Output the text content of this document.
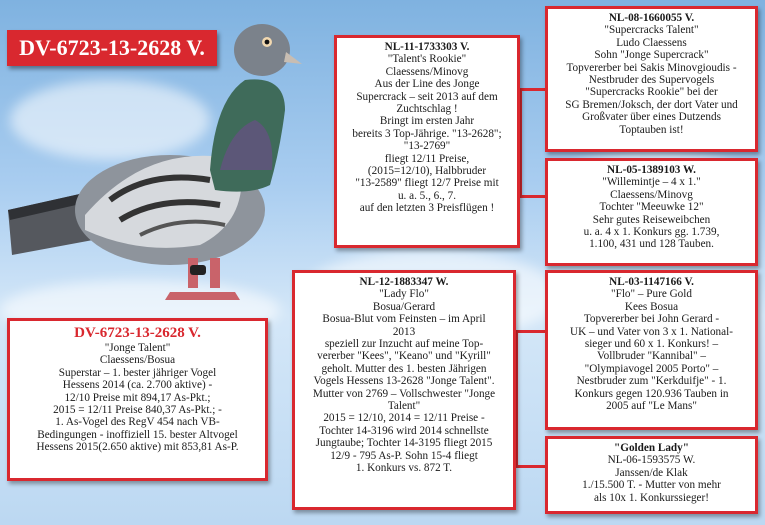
DV-6723-13-2628 V.
DV-6723-13-2628 V.
"Jonge Talent"
Claessens/Bosua
Superstar – 1. bester jähriger Vogel
Hessens 2014 (ca. 2.700 aktive) -
12/10 Preise mit 894,17 As-Pkt.;
2015 = 12/11 Preise 840,37 As-Pkt.; -
1. As-Vogel des RegV 454 nach VB-
Bedingungen - inoffiziell 15. bester Altvogel
Hessens 2015(2.650 aktive) mit 853,81 As-P.
NL-11-1733303 V.
"Talent's Rookie"
Claessens/Minovg
Aus der Line des Jonge
Supercrack – seit 2013 auf dem
Zuchtschlag !
Bringt im ersten Jahr
bereits 3 Top-Jährige. "13-2628";
"13-2769"
fliegt 12/11 Preise,
(2015=12/10), Halbbruder
"13-2589" fliegt 12/7 Preise mit
u. a. 5., 6., 7.
auf den letzten 3 Preisflügen !
NL-12-1883347 W.
"Lady Flo"
Bosua/Gerard
Bosua-Blut vom Feinsten – im April
2013
speziell zur Inzucht auf meine Top-
vererber "Kees", "Keano" und "Kyrill"
geholt. Mutter des 1. besten Jährigen
Vogels Hessens 13-2628 "Jonge Talent".
Mutter von 2769 – Vollschwester "Jonge
Talent"
2015 = 12/10, 2014 = 12/11 Preise -
Tochter 14-3196 wird 2014 schnellste
Jungtaube; Tochter 14-3195 fliegt 2015
12/9 - 795 As-P. Sohn 15-4 fliegt
1. Konkurs vs. 872 T.
NL-08-1660055 V.
"Supercracks Talent"
Ludo Claessens
Sohn "Jonge Supercrack"
Topvererber bei Sakis Minovgioudis -
Nestbruder des Supervogels
"Supercracks Rookie" bei der
SG Bremen/Joksch, der dort Vater und
Großvater über eines Dutzends
Toptauben ist!
NL-05-1389103 W.
"Willemintje – 4 x 1."
Claessens/Minovg
Tochter "Meeuwke 12"
Sehr gutes Reiseweibchen
u. a. 4 x 1. Konkurs gg. 1.739,
1.100, 431 und 128 Tauben.
NL-03-1147166 V.
"Flo" – Pure Gold
Kees Bosua
Topvererber bei John Gerard -
UK – und Vater von 3 x 1. National-
sieger und 60 x 1. Konkurs! –
Vollbruder "Kannibal" –
"Olympiavogel 2005 Porto" –
Nestbruder zum "Kerkduifje" - 1.
Konkurs gegen 120.936 Tauben in
2005 auf "Le Mans"
"Golden Lady"
NL-06-1593575 W.
Janssen/de Klak
1./15.500 T. - Mutter von mehr
als 10x 1. Konkurssieger!
